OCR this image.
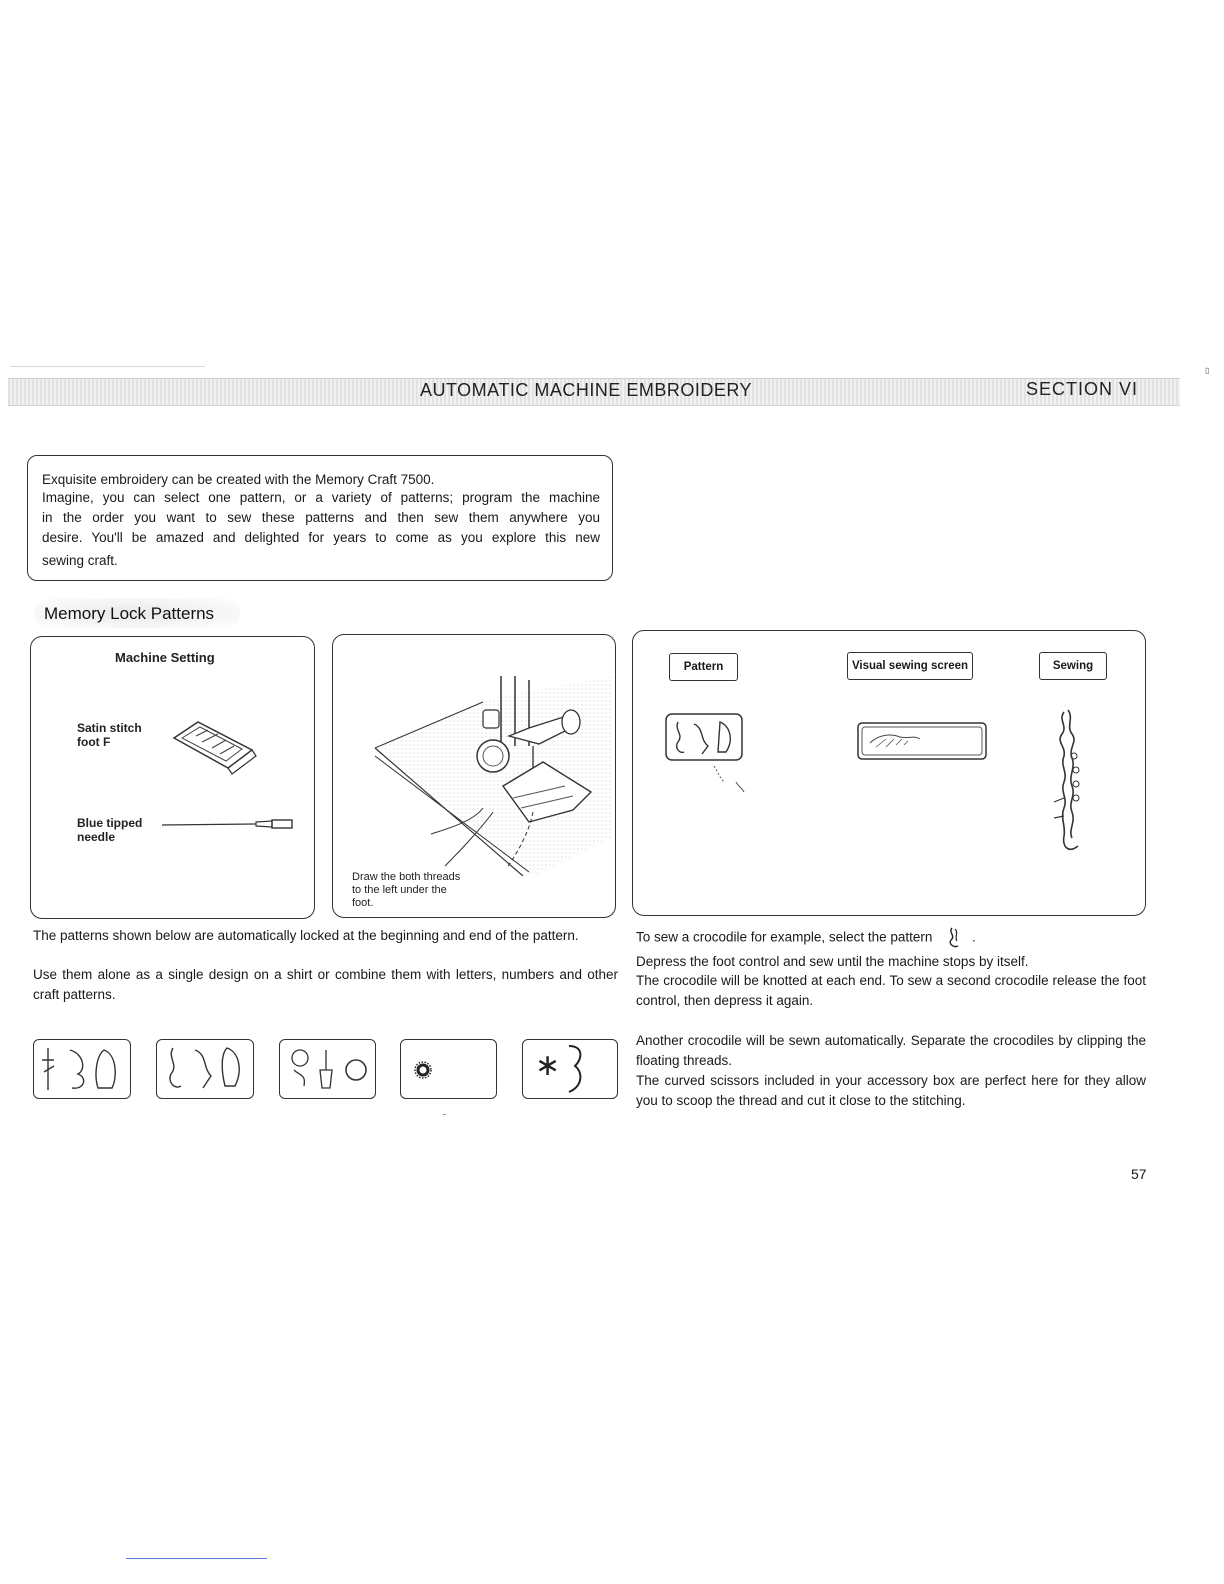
AUTOMATIC MACHINE EMBROIDERY	SECTION VI
▯
Exquisite embroidery can be created with the Memory Craft 7500.
Imagine, you can select one pattern, or a variety of patterns; program the machine
in the order you want to sew these patterns and then sew them anywhere you
desire. You'll be amazed and delighted for years to come as you explore this new
sewing craft.
Memory Lock Patterns
Machine Setting
Satin stitch
foot F
Blue tipped
needle
Draw the both threads
to the left under the
foot.
Pattern	Visual sewing screen	Sewing
The patterns shown below are automatically locked at the beginning and end of the pattern.
Use them alone as a single design on a shirt or combine them with letters, numbers and other craft patterns.
∗
To sew a crocodile for example, select the pattern	.
Depress the foot control and sew until the machine stops by itself.
The crocodile will be knotted at each end. To sew a second crocodile release the foot control, then depress it again.
Another crocodile will be sewn automatically. Separate the crocodiles by clipping the floating threads.
The curved scissors included in your accessory box are perfect here for they allow you to scoop the thread and cut it close to the stitching.
57
